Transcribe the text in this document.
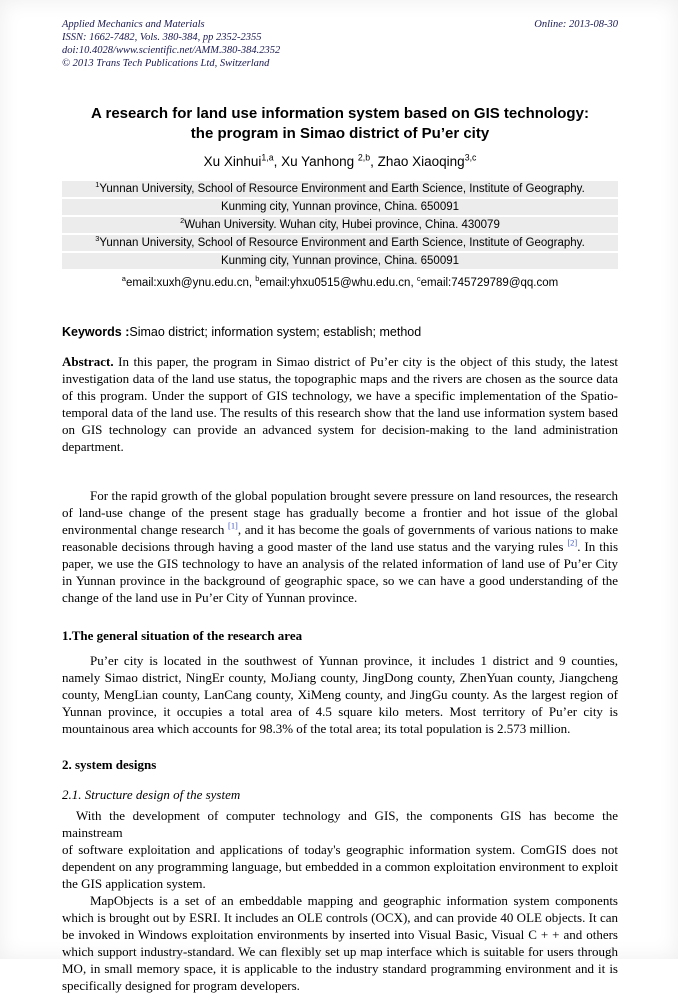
Applied Mechanics and Materials
ISSN: 1662-7482, Vols. 380-384, pp 2352-2355
doi:10.4028/www.scientific.net/AMM.380-384.2352
© 2013 Trans Tech Publications Ltd, Switzerland
Online: 2013-08-30
A research for land use information system based on GIS technology:
the program in Simao district of Pu’er city
Xu Xinhui$^{1,a}$, Xu Yanhong $^{2,b}$, Zhao Xiaoqing$^{3,c}$
$^1$Yunnan University, School of Resource Environment and Earth Science, Institute of Geography.
Kunming city, Yunnan province, China. 650091
$^2$Wuhan University. Wuhan city, Hubei province, China. 430079
$^3$Yunnan University, School of Resource Environment and Earth Science, Institute of Geography.
Kunming city, Yunnan province, China. 650091
$^a$email:xuxh@ynu.edu.cn, $^b$email:yhxu0515@whu.edu.cn, $^c$email:745729789@qq.com
Keywords :Simao district; information system; establish; method

Abstract. In this paper, the program in Simao district of Pu’er city is the object of this study, the latest investigation data of the land use status, the topographic maps and the rivers are chosen as the source data of this program. Under the support of GIS technology, we have a specific implementation of the Spatio-temporal data of the land use. The results of this research show that the land use information system based on GIS technology can provide an advanced system for decision-making to the land administration department.

For the rapid growth of the global population brought severe pressure on land resources, the research of land-use change of the present stage has gradually become a frontier and hot issue of the global environmental change research [1], and it has become the goals of governments of various nations to make reasonable decisions through having a good master of the land use status and the varying rules [2]. In this paper, we use the GIS technology to have an analysis of the related information of land use of Pu’er City in Yunnan province in the background of geographic space, so we can have a good understanding of the change of the land use in Pu’er City of Yunnan province.

1.The general situation of the research area

Pu’er city is located in the southwest of Yunnan province, it includes 1 district and 9 counties, namely Simao district, NingEr county, MoJiang county, JingDong county, ZhenYuan county, Jiangcheng county, MengLian county, LanCang county, XiMeng county, and JingGu county. As the largest region of Yunnan province, it occupies a total area of 4.5 square kilo meters. Most territory of Pu’er city is mountainous area which accounts for 98.3% of the total area; its total population is 2.573 million.

2. system designs
2.1. Structure design of the system

With the development of computer technology and GIS, the components GIS has become the mainstream

of software exploitation and applications of today's geographic information system. ComGIS does not dependent on any programming language, but embedded in a common exploitation environment to exploit the GIS application system.

MapObjects is a set of an embeddable mapping and geographic information system components which is brought out by ESRI. It includes an OLE controls (OCX), and can provide 40 OLE objects. It can be invoked in Windows exploitation environments by inserted into Visual Basic, Visual C + + and others which support industry-standard. We can flexibly set up map interface which is suitable for users through MO, in small memory space, it is applicable to the industry standard programming environment and it is specifically designed for program developers.
